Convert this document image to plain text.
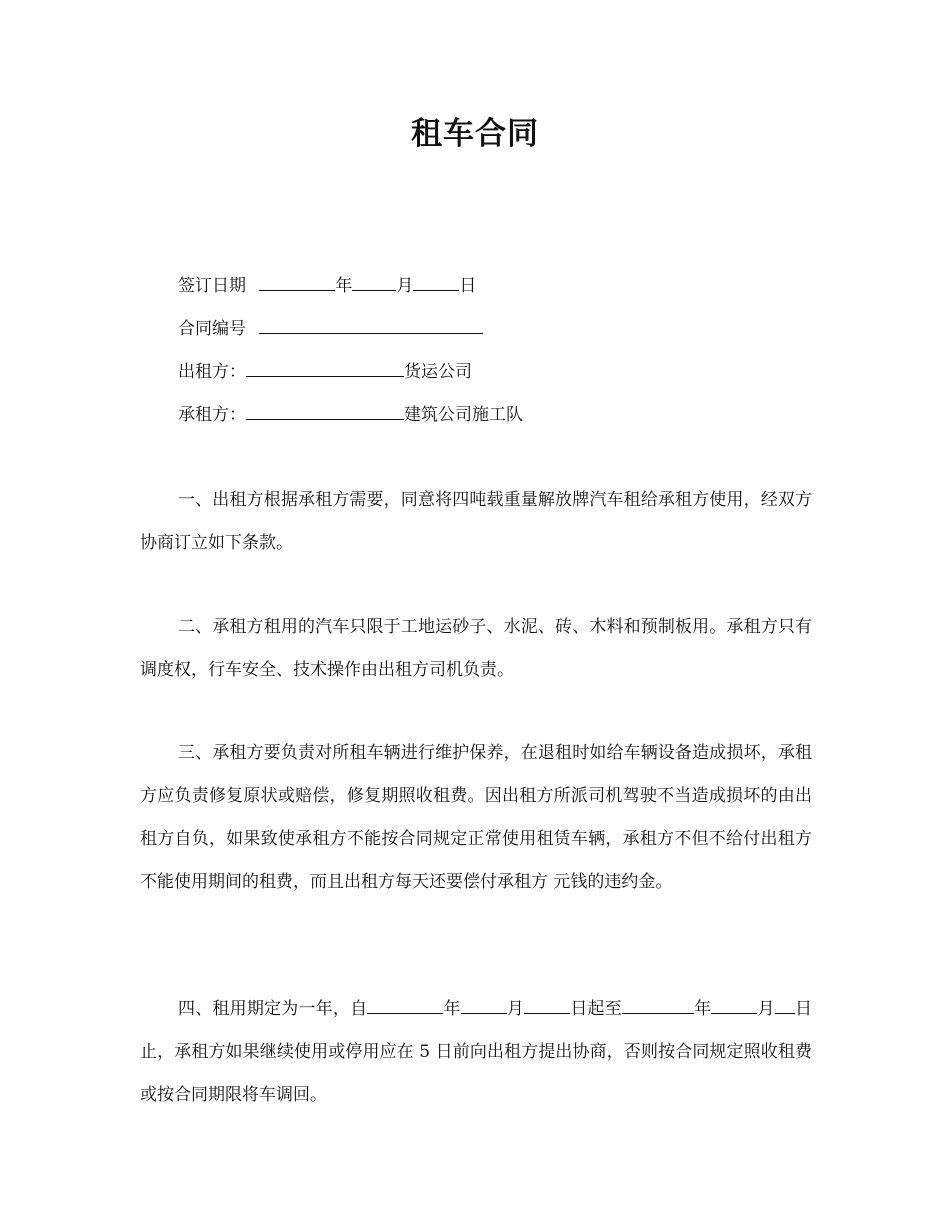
租车合同
签订日期	年	月	日
合同编号
出租方：	货运公司
承租方：	建筑公司施工队

一、出租方根据承租方需要，同意将四吨载重量解放牌汽车租给承租方使用，经双方协商订立如下条款。

二、承租方租用的汽车只限于工地运砂子、水泥、砖、木料和预制板用。承租方只有调度权，行车安全、技术操作由出租方司机负责。

三、承租方要负责对所租车辆进行维护保养，在退租时如给车辆设备造成损坏，承租方应负责修复原状或赔偿，修复期照收租费。因出租方所派司机驾驶不当造成损坏的由出租方自负，如果致使承租方不能按合同规定正常使用租赁车辆，承租方不但不给付出租方不能使用期间的租费，而且出租方每天还要偿付承租方 元钱的违约金。

四、租用期定为一年，自	年	月	日起至	年	月 日止，承租方如果继续使用或停用应在 5 日前向出租方提出协商，否则按合同规定照收租费或按合同期限将车调回。
